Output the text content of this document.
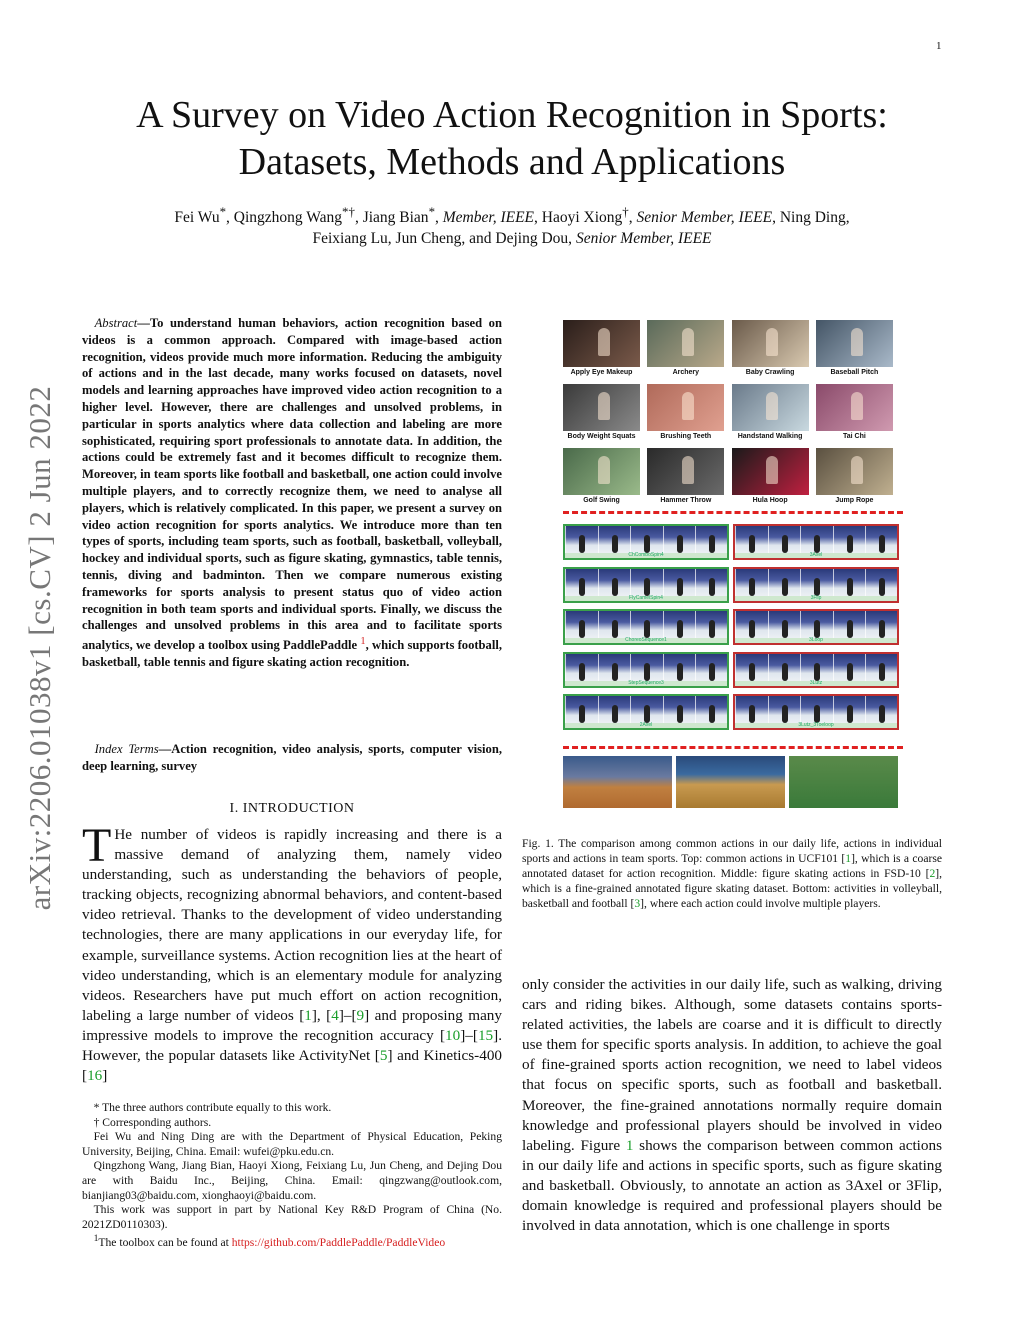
1
A Survey on Video Action Recognition in Sports:
Datasets, Methods and Applications
Fei Wu*, Qingzhong Wang*†, Jiang Bian*, Member, IEEE, Haoyi Xiong†, Senior Member, IEEE, Ning Ding,
Feixiang Lu, Jun Cheng, and Dejing Dou, Senior Member, IEEE
arXiv:2206.01038v1 [cs.CV] 2 Jun 2022
Abstract—To understand human behaviors, action recognition based on videos is a common approach. Compared with image-based action recognition, videos provide much more information. Reducing the ambiguity of actions and in the last decade, many works focused on datasets, novel models and learning approaches have improved video action recognition to a higher level. However, there are challenges and unsolved problems, in particular in sports analytics where data collection and labeling are more sophisticated, requiring sport professionals to annotate data. In addition, the actions could be extremely fast and it becomes difficult to recognize them. Moreover, in team sports like football and basketball, one action could involve multiple players, and to correctly recognize them, we need to analyse all players, which is relatively complicated. In this paper, we present a survey on video action recognition for sports analytics. We introduce more than ten types of sports, including team sports, such as football, basketball, volleyball, hockey and individual sports, such as figure skating, gymnastics, table tennis, tennis, diving and badminton. Then we compare numerous existing frameworks for sports analysis to present status quo of video action recognition in both team sports and individual sports. Finally, we discuss the challenges and unsolved problems in this area and to facilitate sports analytics, we develop a toolbox using PaddlePaddle $^1$, which supports football, basketball, table tennis and figure skating action recognition.
Index Terms—Action recognition, video analysis, sports, computer vision, deep learning, survey
I. INTRODUCTION
T He number of videos is rapidly increasing and there is a massive demand of analyzing them, namely video understanding, such as understanding the behaviors of people, tracking objects, recognizing abnormal behaviors, and content-based video retrieval. Thanks to the development of video understanding technologies, there are many applications in our everyday life, for example, surveillance systems. Action recognition lies at the heart of video understanding, which is an elementary module for analyzing videos. Researchers have put much effort on action recognition, labeling a large number of videos [1], [4]–[9] and proposing many impressive models to improve the recognition accuracy [10]–[15]. However, the popular datasets like ActivityNet [5] and Kinetics-400 [16]

* The three authors contribute equally to this work.

† Corresponding authors.

Fei Wu and Ning Ding are with the Department of Physical Education, Peking University, Beijing, China. Email: wufei@pku.edu.cn.

Qingzhong Wang, Jiang Bian, Haoyi Xiong, Feixiang Lu, Jun Cheng, and Dejing Dou are with Baidu Inc., Beijing, China. Email: qingzwang@outlook.com, bianjiang03@baidu.com, xionghaoyi@baidu.com.

This work was support in part by National Key R&D Program of China (No. 2021ZD0110303).

$^1$The toolbox can be found at https://github.com/PaddlePaddle/PaddleVideo

Apply Eye Makeup	Archery	Baby Crawling	Baseball Pitch
Body Weight Squats	Brushing Teeth	Handstand Walking	Tai Chi
Golf Swing	Hammer Throw	Hula Hoop	Jump Rope
ChComboSpin4	3Axel
FlyCamelSpin4	3Flip
ChoreoSequence1	3Loop
StepSequence3	3Lutz
2Axel	3Lutz_3Toeloop
Fig. 1. The comparison among common actions in our daily life, actions in individual sports and actions in team sports. Top: common actions in UCF101 [1], which is a coarse annotated dataset for action recognition. Middle: figure skating actions in FSD-10 [2], which is a fine-grained annotated figure skating dataset. Bottom: activities in volleyball, basketball and football [3], where each action could involve multiple players.
only consider the activities in our daily life, such as walking, driving cars and riding bikes. Although, some datasets contains sports-related activities, the labels are coarse and it is difficult to directly use them for specific sports analysis. In addition, to achieve the goal of fine-grained sports action recognition, we need to label videos that focus on specific sports, such as football and basketball. Moreover, the fine-grained annotations normally require domain knowledge and professional players should be involved in video labeling. Figure 1 shows the comparison between common actions in our daily life and actions in specific sports, such as figure skating and basketball. Obviously, to annotate an action as 3Axel or 3Flip, domain knowledge is required and professional players should be involved in data annotation, which is one challenge in sports
